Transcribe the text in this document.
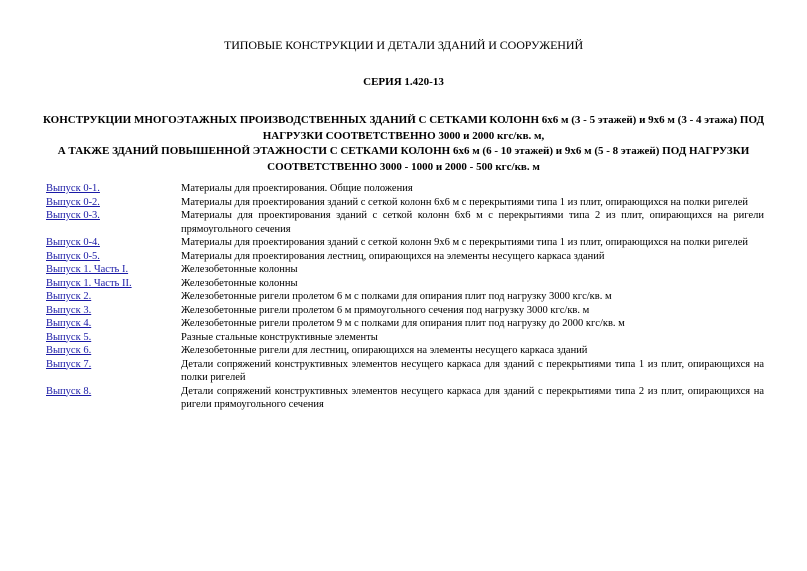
ТИПОВЫЕ КОНСТРУКЦИИ И ДЕТАЛИ ЗДАНИЙ И СООРУЖЕНИЙ
СЕРИЯ 1.420-13
КОНСТРУКЦИИ МНОГОЭТАЖНЫХ ПРОИЗВОДСТВЕННЫХ ЗДАНИЙ С СЕТКАМИ КОЛОНН 6x6 м (3 - 5 этажей) и 9x6 м (3 - 4 этажа) ПОД НАГРУЗКИ СООТВЕТСТВЕННО 3000 и 2000 кгс/кв. м,
А ТАКЖЕ ЗДАНИЙ ПОВЫШЕННОЙ ЭТАЖНОСТИ С СЕТКАМИ КОЛОНН 6x6 м (6 - 10 этажей) и 9x6 м (5 - 8 этажей) ПОД НАГРУЗКИ СООТВЕТСТВЕННО 3000 - 1000 и 2000 - 500 кгс/кв. м
Выпуск 0-1.	Материалы для проектирования. Общие положения
Выпуск 0-2.	Материалы для проектирования зданий с сеткой колонн 6x6 м с перекрытиями типа 1 из плит, опирающихся на полки ригелей
Выпуск 0-3.	Материалы для проектирования зданий с сеткой колонн 6x6 м с перекрытиями типа 2 из плит, опирающихся на ригели прямоугольного сечения
Выпуск 0-4.	Материалы для проектирования зданий с сеткой колонн 9x6 м с перекрытиями типа 1 из плит, опирающихся на полки ригелей
Выпуск 0-5.	Материалы для проектирования лестниц, опирающихся на элементы несущего каркаса зданий
Выпуск 1. Часть I.	Железобетонные колонны
Выпуск 1. Часть II.	Железобетонные колонны
Выпуск 2.	Железобетонные ригели пролетом 6 м с полками для опирания плит под нагрузку 3000 кгс/кв. м
Выпуск 3.	Железобетонные ригели пролетом 6 м прямоугольного сечения под нагрузку 3000 кгс/кв. м
Выпуск 4.	Железобетонные ригели пролетом 9 м с полками для опирания плит под нагрузку до 2000 кгс/кв. м
Выпуск 5.	Разные стальные конструктивные элементы
Выпуск 6.	Железобетонные ригели для лестниц, опирающихся на элементы несущего каркаса зданий
Выпуск 7.	Детали сопряжений конструктивных элементов несущего каркаса для зданий с перекрытиями типа 1 из плит, опирающихся на полки ригелей
Выпуск 8.	Детали сопряжений конструктивных элементов несущего каркаса для зданий с перекрытиями типа 2 из плит, опирающихся на ригели прямоугольного сечения
